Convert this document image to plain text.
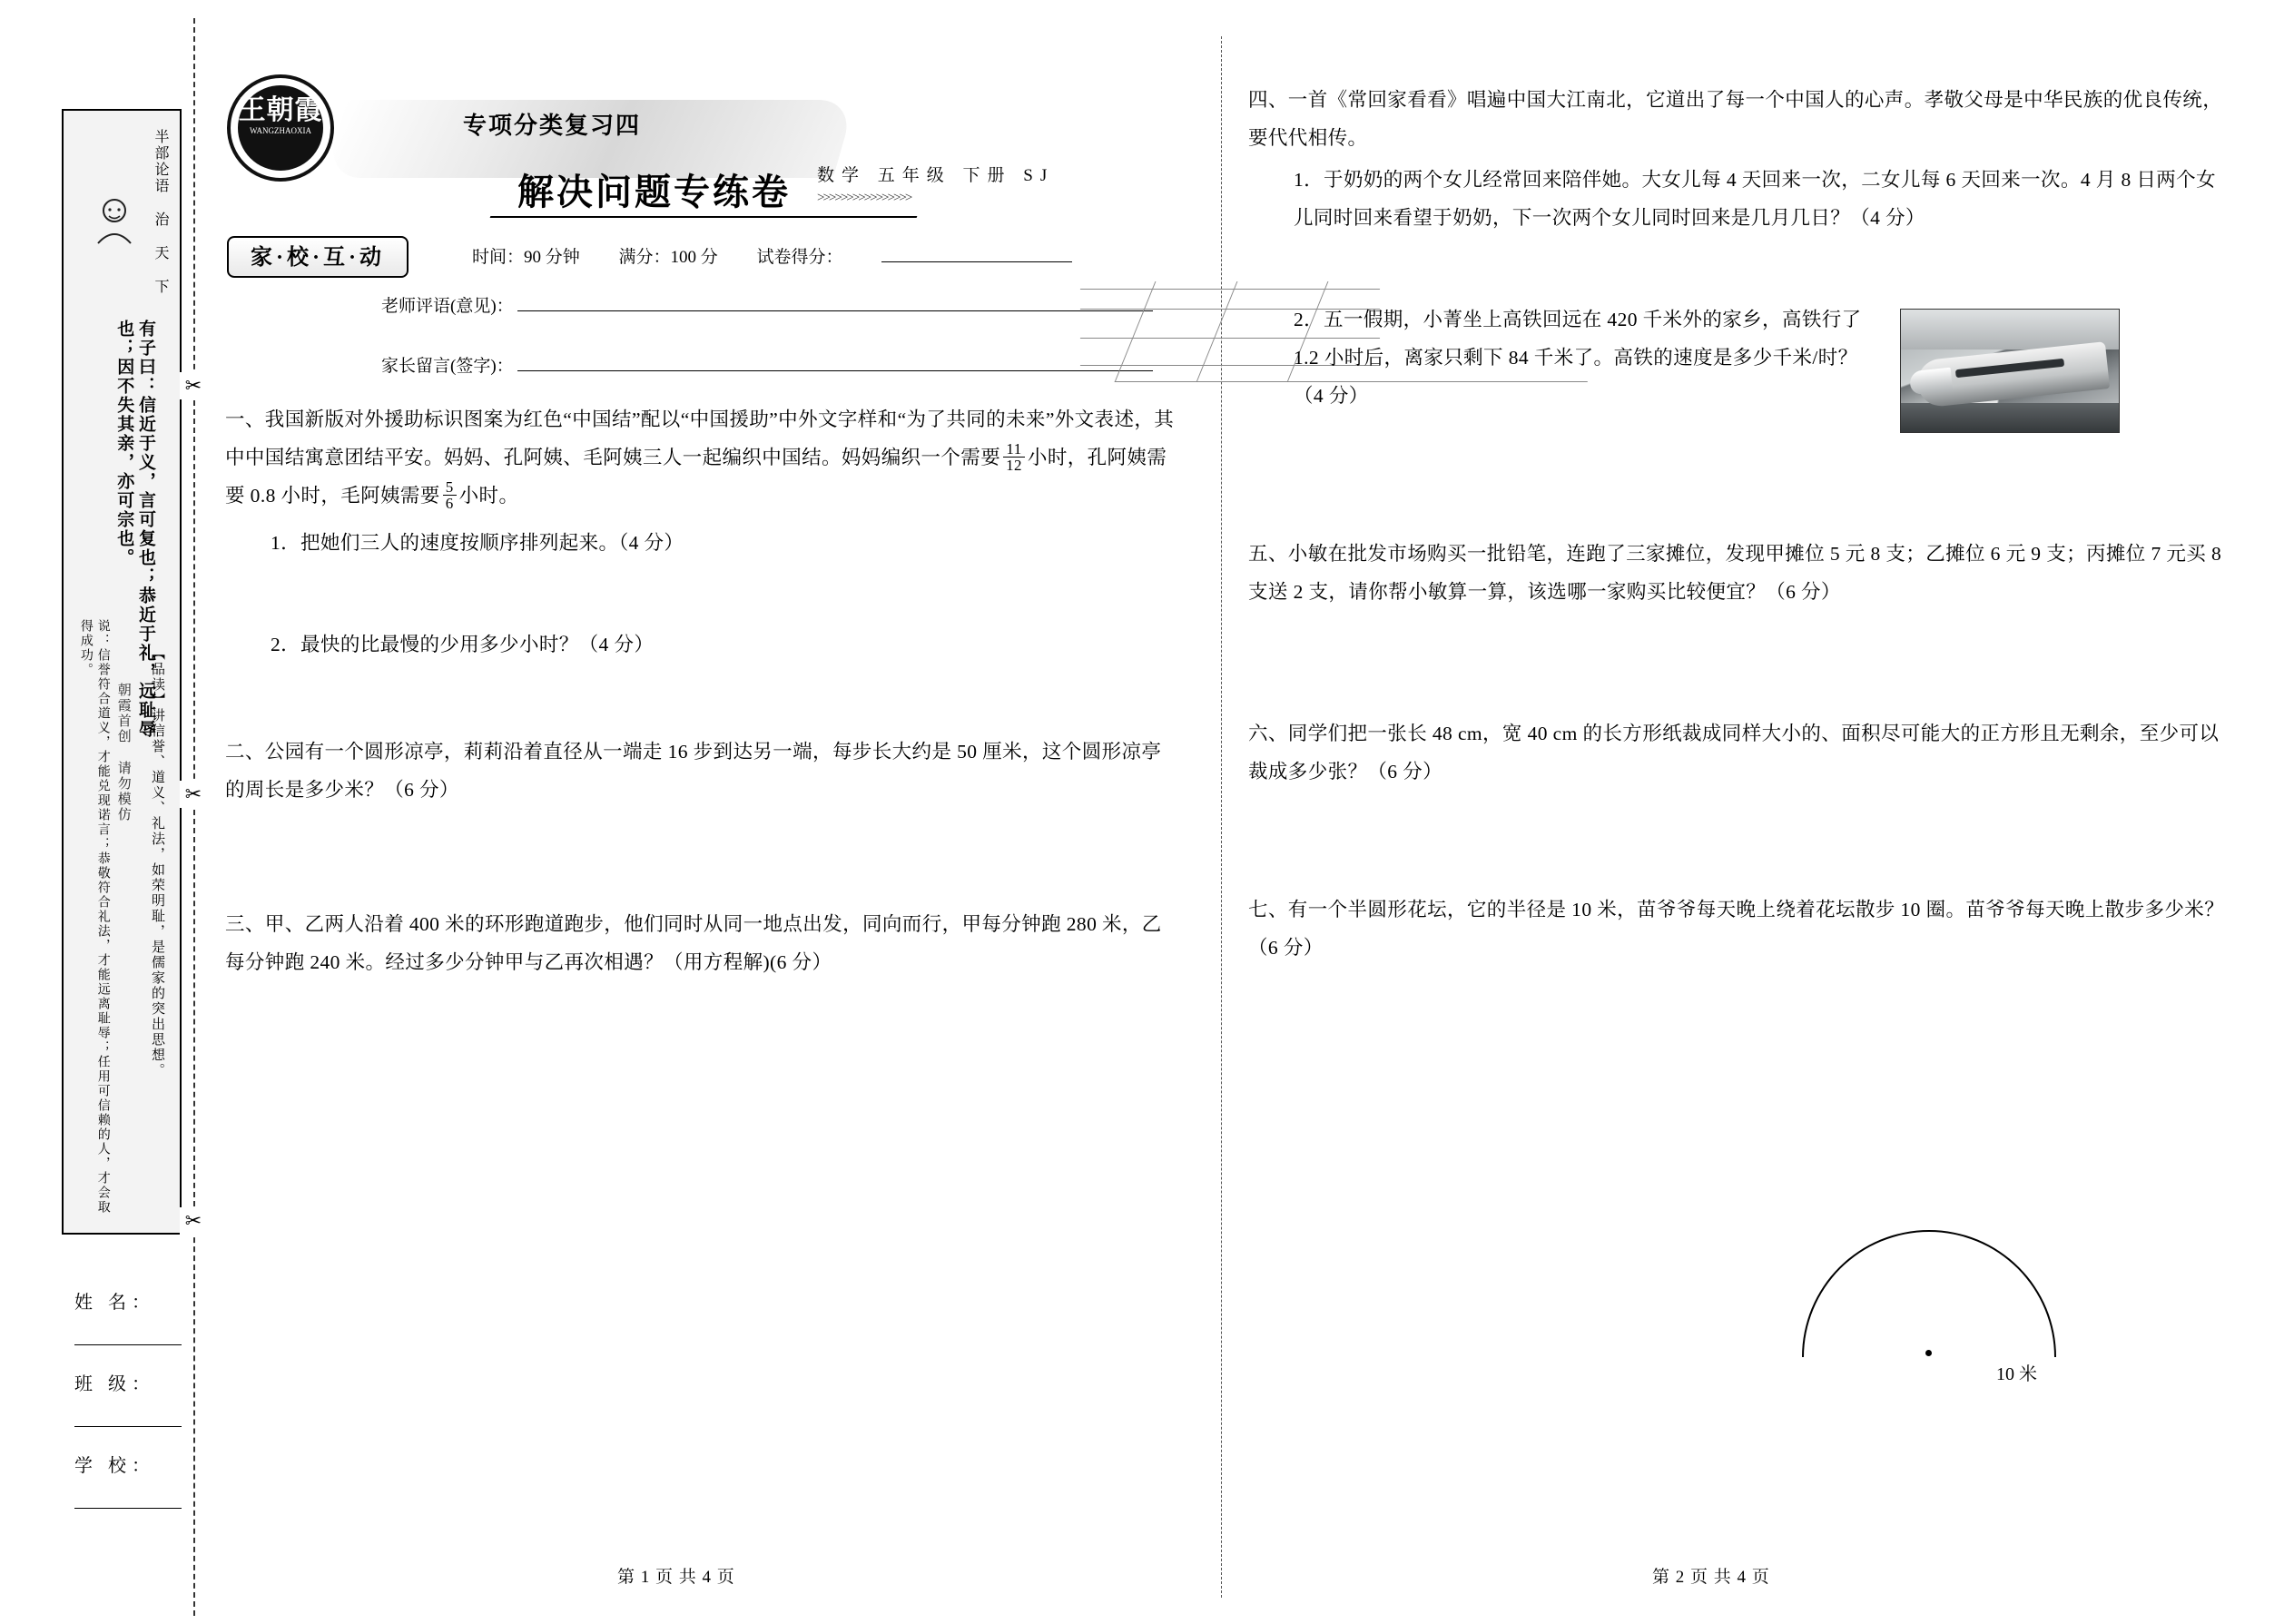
半部论语 治 天 下
有子曰：信近于义，言可复也；恭近于礼，远耻辱也；因不失其亲，亦可宗也。
【品读】讲信誉、道义、礼法，如荣明耻，是儒家的突出思想。
说：信誉符合道义，才能兑现诺言；恭敬符合礼法，才能远离耻辱；任用可信赖的人，才会取得成功。
朝霞首创 请勿模仿
姓 名：
班 级：
学 校：
✂
✂
✂
王朝霞
WANGZHAOXIA	专项分类复习四
解决问题专练卷 数学 五年级 下册 SJ
>>>>>>>>>>>>>>>>
家·校·互·动	时间：90 分钟 满分：100 分 试卷得分：
老师评语(意见)：
家长留言(签字)：
一、我国新版对外援助标识图案为红色“中国结”配以“中国援助”中外文字样和“为了共同的未来”外文表述，其中中国结寓意团结平安。妈妈、孔阿姨、毛阿姨三人一起编织中国结。妈妈编织一个需要 $\frac{11}{12}$ 小时，孔阿姨需要 0.8 小时，毛阿姨需要 $\frac{5}{6}$ 小时。
1．把她们三人的速度按顺序排列起来。（4 分）
2．最快的比最慢的少用多少小时？（4 分）
二、公园有一个圆形凉亭，莉莉沿着直径从一端走 16 步到达另一端，每步长大约是 50 厘米，这个圆形凉亭的周长是多少米？（6 分）
三、甲、乙两人沿着 400 米的环形跑道跑步，他们同时从同一地点出发，同向而行，甲每分钟跑 280 米，乙每分钟跑 240 米。经过多少分钟甲与乙再次相遇？（用方程解)(6 分）
四、一首《常回家看看》唱遍中国大江南北，它道出了每一个中国人的心声。孝敬父母是中华民族的优良传统，要代代相传。
1．于奶奶的两个女儿经常回来陪伴她。大女儿每 4 天回来一次，二女儿每 6 天回来一次。4 月 8 日两个女儿同时回来看望于奶奶，下一次两个女儿同时回来是几月几日？（4 分）
2．五一假期，小菁坐上高铁回远在 420 千米外的家乡，高铁行了 1.2 小时后，离家只剩下 84 千米了。高铁的速度是多少千米/时？（4 分）
五、小敏在批发市场购买一批铅笔，连跑了三家摊位，发现甲摊位 5 元 8 支；乙摊位 6 元 9 支；丙摊位 7 元买 8 支送 2 支，请你帮小敏算一算，该选哪一家购买比较便宜？（6 分）
六、同学们把一张长 48 cm，宽 40 cm 的长方形纸裁成同样大小的、面积尽可能大的正方形且无剩余，至少可以裁成多少张？（6 分）
七、有一个半圆形花坛，它的半径是 10 米，苗爷爷每天晚上绕着花坛散步 10 圈。苗爷爷每天晚上散步多少米？（6 分）
10 米
第 1 页 共 4 页	第 2 页 共 4 页
